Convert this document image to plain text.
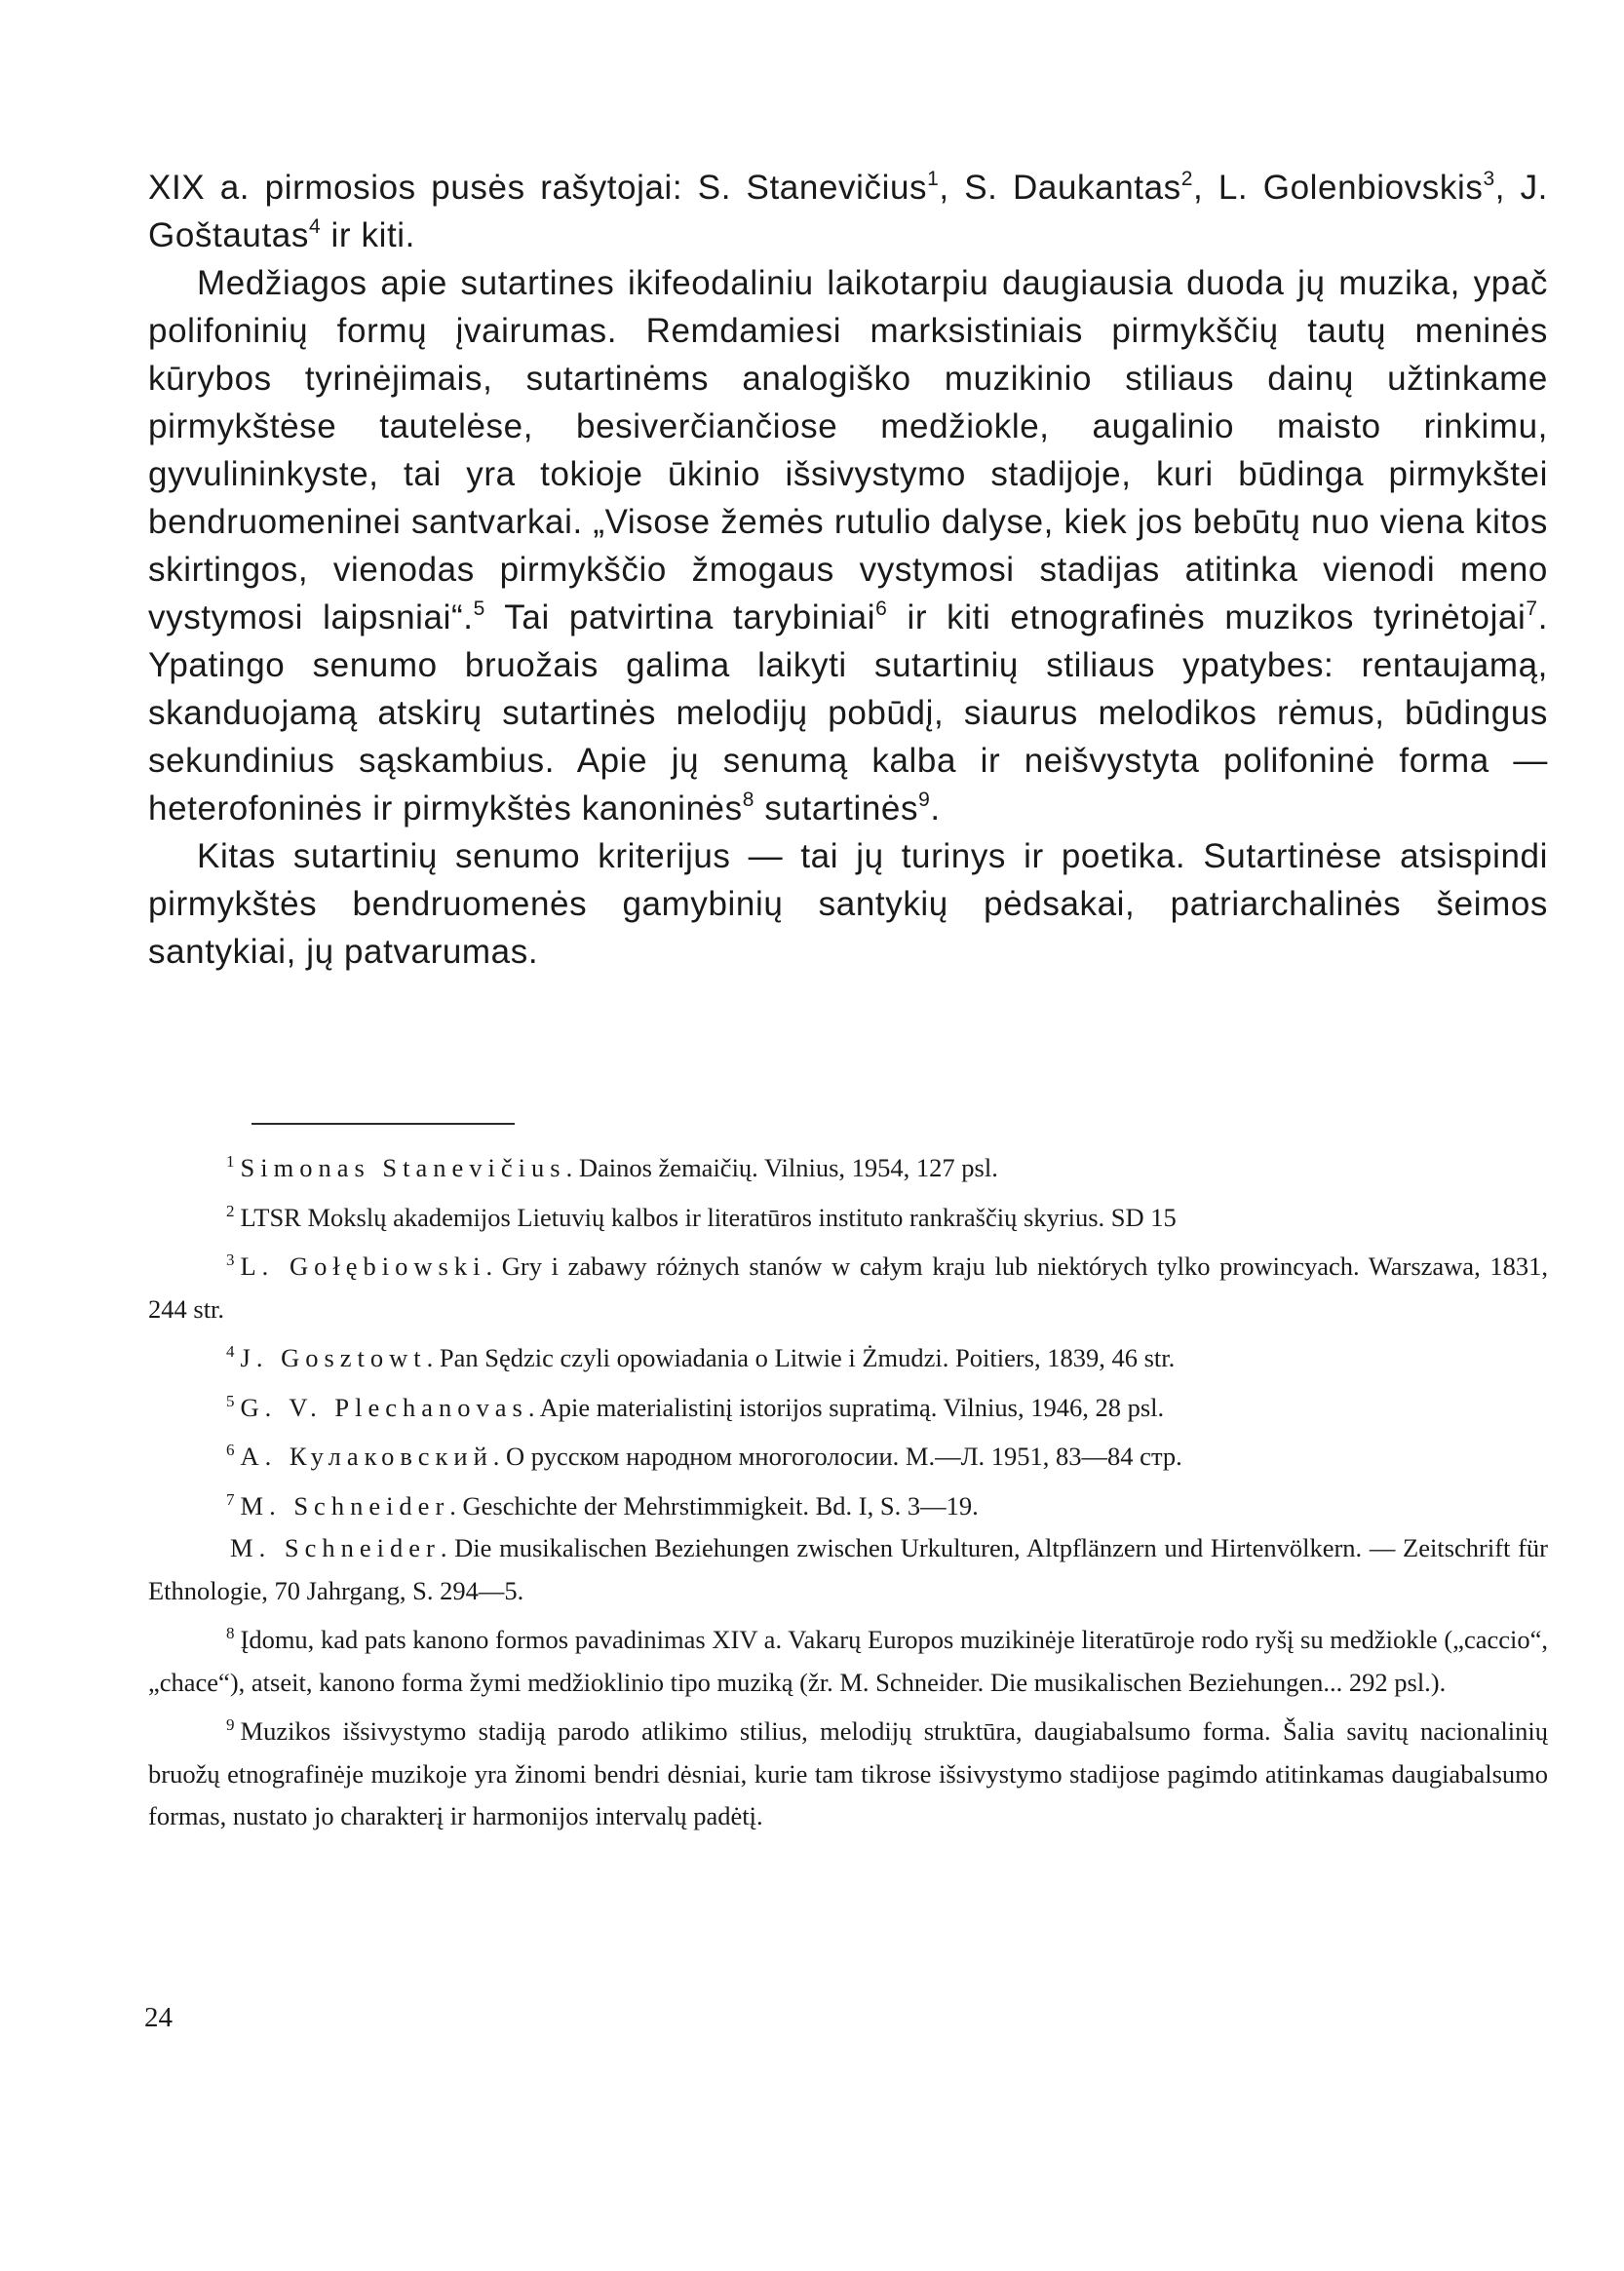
XIX a. pirmosios pusės rašytojai: S. Stanevičius$^1$, S. Daukantas$^2$, L. Golenbiovskis$^3$, J. Goštautas$^4$ ir kiti.

Medžiagos apie sutartines ikifeodaliniu laikotarpiu daugiausia duoda jų muzika, ypač polifoninių formų įvairumas. Remdamiesi marksistiniais pirmykščių tautų meninės kūrybos tyrinėjimais, sutartinėms analogiško muzikinio stiliaus dainų užtinkame pirmykštėse tautelėse, besiverčiančiose medžiokle, augalinio maisto rinkimu, gyvulininkyste, tai yra tokioje ūkinio išsivystymo stadijoje, kuri būdinga pirmykštei bendruomeninei santvarkai. „Visose žemės rutulio dalyse, kiek jos bebūtų nuo viena kitos skirtingos, vienodas pirmykščio žmogaus vystymosi stadijas atitinka vienodi meno vystymosi laipsniai“.$^5$ Tai patvirtina tarybiniai$^6$ ir kiti etnografinės muzikos tyrinėtojai$^7$. Ypatingo senumo bruožais galima laikyti sutartinių stiliaus ypatybes: rentaujamą, skanduojamą atskirų sutartinės melodijų pobūdį, siaurus melodikos rėmus, būdingus sekundinius sąskambius. Apie jų senumą kalba ir neišvystyta polifoninė forma — heterofoninės ir pirmykštės kanoninės$^8$ sutartinės$^9$.

Kitas sutartinių senumo kriterijus — tai jų turinys ir poetika. Sutartinėse atsispindi pirmykštės bendruomenės gamybinių santykių pėdsakai, patriarchalinės šeimos santykiai, jų patvarumas.

$^1$ Simonas Stanevičius. Dainos žemaičių. Vilnius, 1954, 127 psl.

$^2$ LTSR Mokslų akademijos Lietuvių kalbos ir literatūros instituto rankraščių skyrius. SD 15

$^3$ L. Gołębiowski. Gry i zabawy różnych stanów w całym kraju lub niektórych tylko prowincyach. Warszawa, 1831, 244 str.

$^4$ J. Gosztowt. Pan Sędzic czyli opowiadania o Litwie i Żmudzi. Poitiers, 1839, 46 str.

$^5$ G. V. Plechanovas. Apie materialistinį istorijos supratimą. Vilnius, 1946, 28 psl.

$^6$ А. Кулаковский. О русском народном многоголосии. М.—Л. 1951, 83—84 стр.

$^7$ M. Schneider. Geschichte der Mehrstimmigkeit. Bd. I, S. 3—19.

M. Schneider. Die musikalischen Beziehungen zwischen Urkulturen, Altpflänzern und Hirtenvölkern. — Zeitschrift für Ethnologie, 70 Jahrgang, S. 294—5.

$^8$ Įdomu, kad pats kanono formos pavadinimas XIV a. Vakarų Europos muzikinėje literatūroje rodo ryšį su medžiokle („caccio“, „chace“), atseit, kanono forma žymi medžioklinio tipo muziką (žr. M. Schneider. Die musikalischen Beziehungen... 292 psl.).

$^9$ Muzikos išsivystymo stadiją parodo atlikimo stilius, melodijų struktūra, daugiabalsumo forma. Šalia savitų nacionalinių bruožų etnografinėje muzikoje yra žinomi bendri dėsniai, kurie tam tikrose išsivystymo stadijose pagimdo atitinkamas daugiabalsumo formas, nustato jo charakterį ir harmonijos intervalų padėtį.

24
